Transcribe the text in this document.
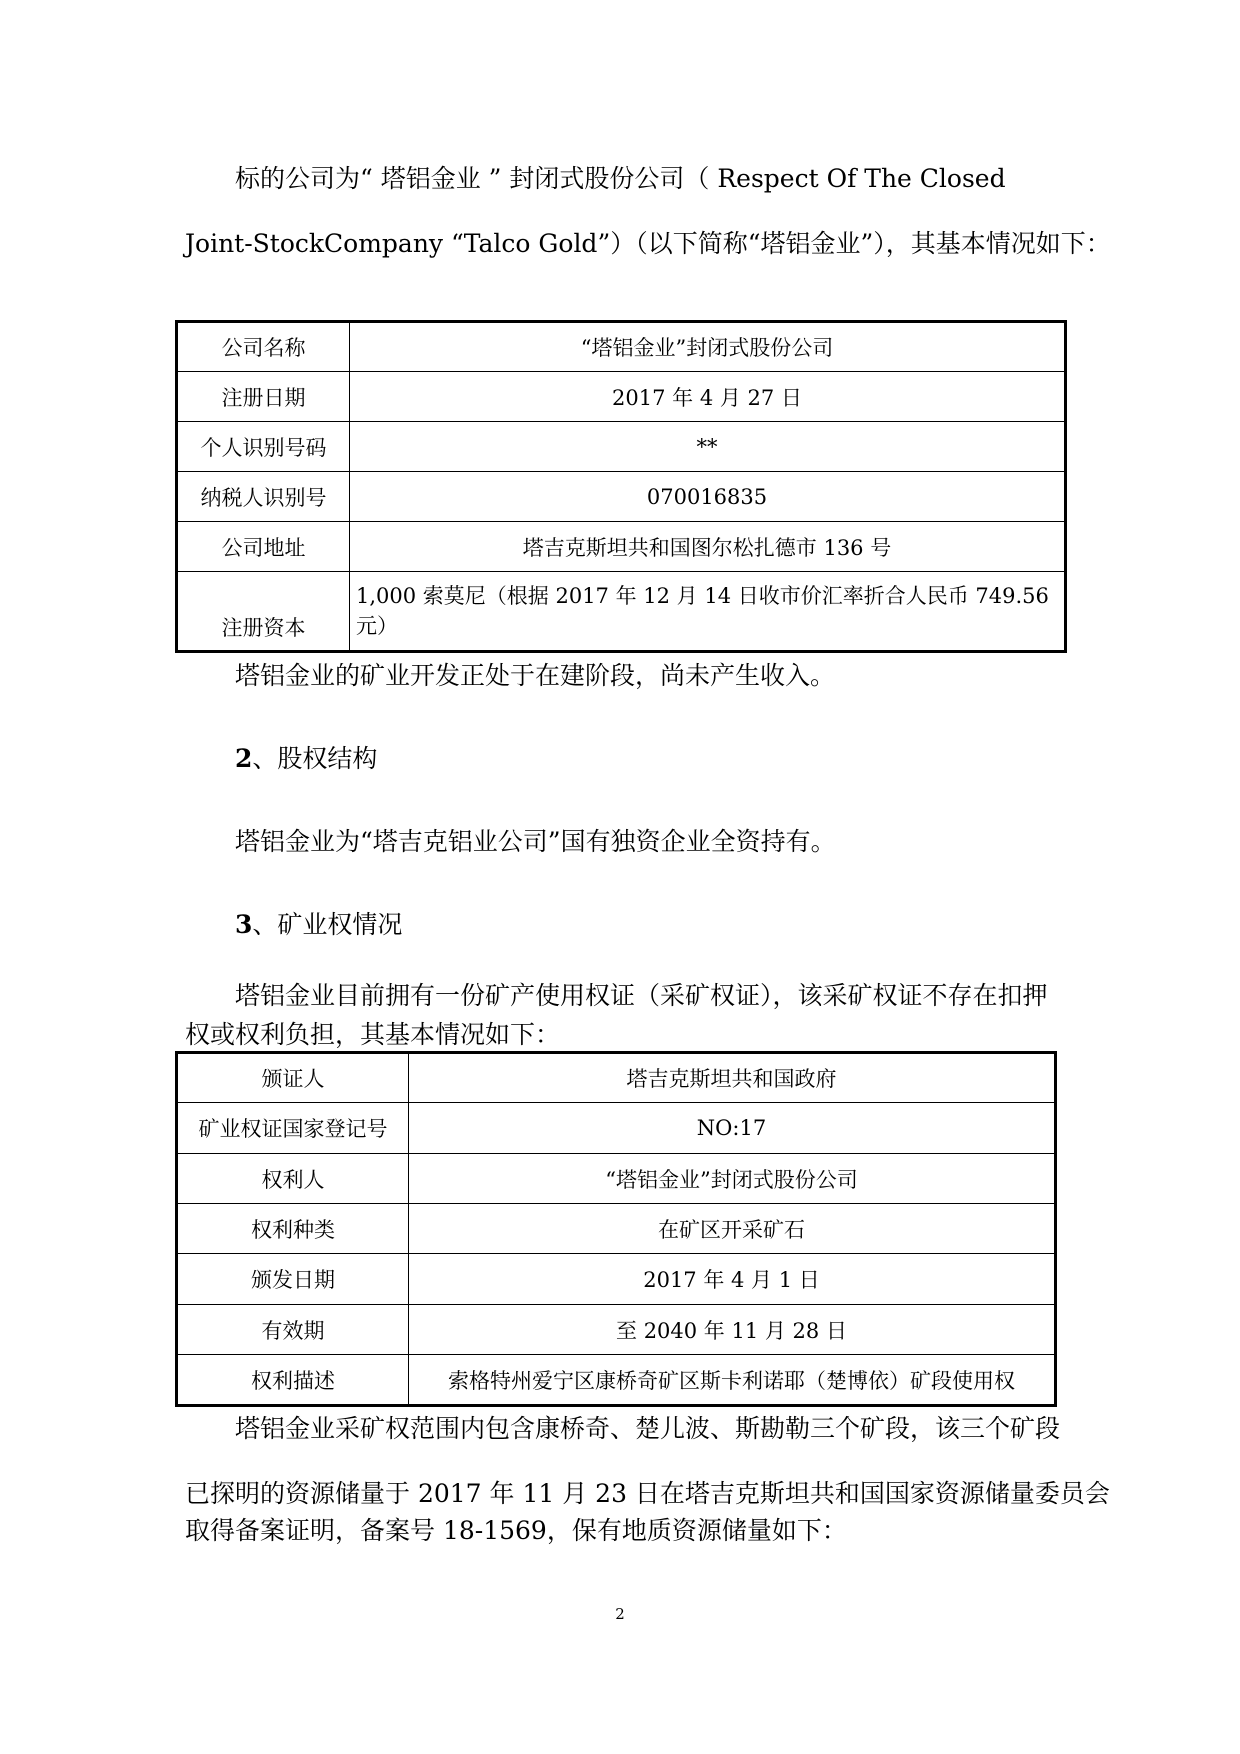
标的公司为“ 塔铝金业 ” 封闭式股份公司（ Respect Of The Closed
Joint-StockCompany “Talco Gold”）（以下简称“塔铝金业”），其基本情况如下：
公司名称	“塔铝金业”封闭式股份公司
注册日期	2017 年 4 月 27 日
个人识别号码	**
纳税人识别号	070016835
公司地址	塔吉克斯坦共和国图尔松扎德市 136 号
注册资本	1,000 索莫尼（根据 2017 年 12 月 14 日收市价汇率折合人民币 749.56 元）
塔铝金业的矿业开发正处于在建阶段，尚未产生收入。
2、股权结构
塔铝金业为“塔吉克铝业公司”国有独资企业全资持有。
3、矿业权情况
塔铝金业目前拥有一份矿产使用权证（采矿权证），该采矿权证不存在扣押
权或权利负担，其基本情况如下：
颁证人	塔吉克斯坦共和国政府
矿业权证国家登记号	NO:17
权利人	“塔铝金业”封闭式股份公司
权利种类	在矿区开采矿石
颁发日期	2017 年 4 月 1 日
有效期	至 2040 年 11 月 28 日
权利描述	索格特州爱宁区康桥奇矿区斯卡利诺耶（楚博依）矿段使用权
塔铝金业采矿权范围内包含康桥奇、楚儿波、斯勘勒三个矿段，该三个矿段
已探明的资源储量于 2017 年 11 月 23 日在塔吉克斯坦共和国国家资源储量委员会
取得备案证明，备案号 18-1569，保有地质资源储量如下：
2
